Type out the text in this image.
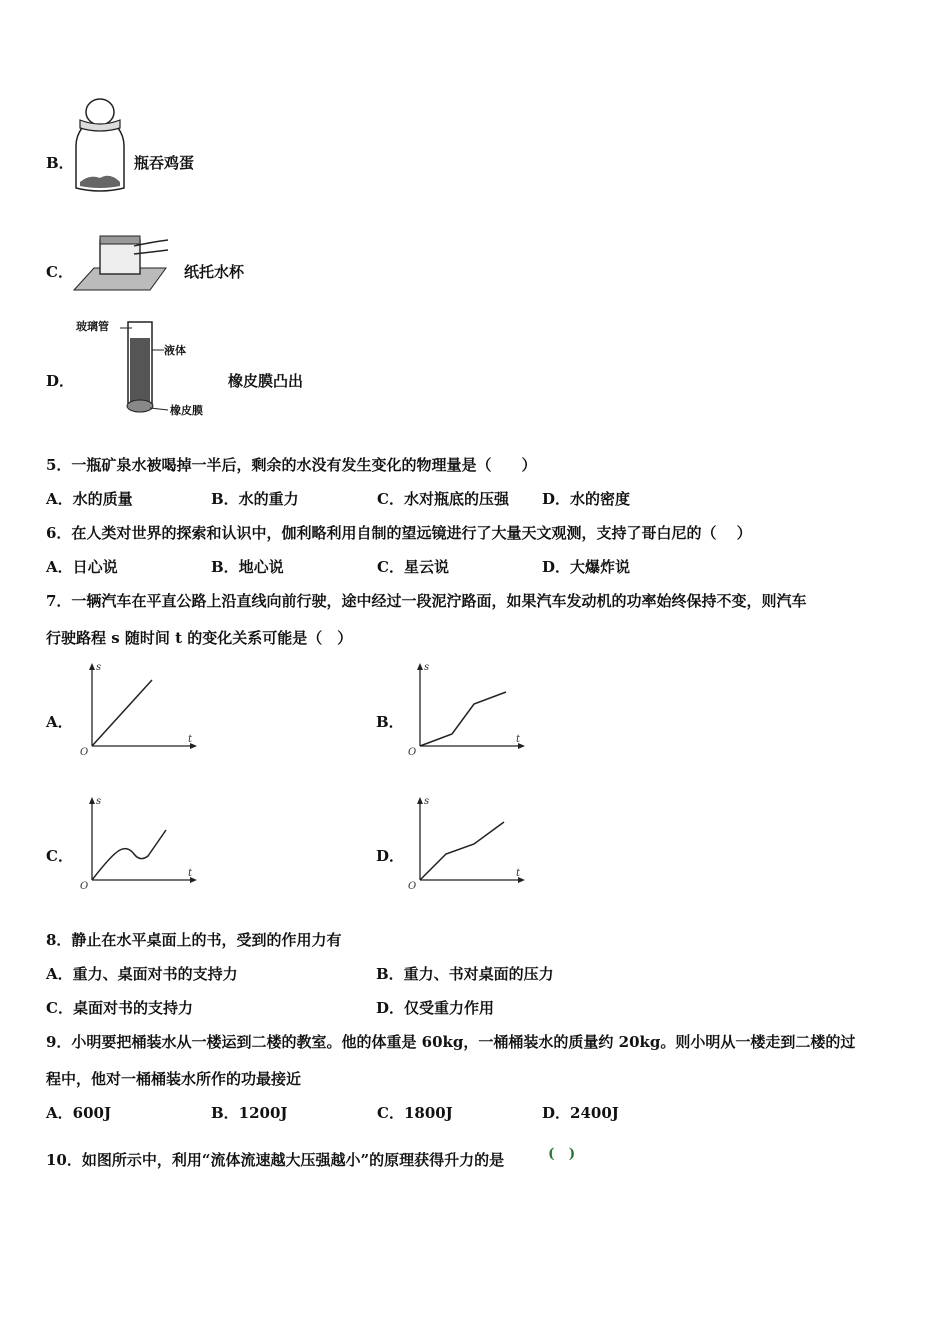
B．	瓶吞鸡蛋
C．	纸托水杯
D．
玻璃管
液体
橡皮膜
橡皮膜凸出
5．一瓶矿泉水被喝掉一半后，剩余的水没有发生变化的物理量是（　　）
A．水的质量	B．水的重力	C．水对瓶底的压强 D．水的密度
6．在人类对世界的探索和认识中，伽利略利用自制的望远镜进行了大量天文观测，支持了哥白尼的（　 ）
A．日心说	B．地心说	C．星云说	D．大爆炸说
7．一辆汽车在平直公路上沿直线向前行驶，途中经过一段泥泞路面，如果汽车发动机的功率始终保持不变，则汽车
行驶路程 s 随时间 t 的变化关系可能是（　）
A．
s
t
O
B．
s
t
O
C．
s
t
O
D．
s
t
O
8．静止在水平桌面上的书，受到的作用力有
A．重力、桌面对书的支持力	B．重力、书对桌面的压力
C．桌面对书的支持力	D．仅受重力作用
9．小明要把桶装水从一楼运到二楼的教室。他的体重是 60kg，一桶桶装水的质量约 20kg。则小明从一楼走到二楼的过
程中，他对一桶桶装水所作的功最接近
A．600J	B．1200J	C．1800J	D．2400J
10．如图所示中，利用“流体流速越大压强越小”的原理获得升力的是	(　)
